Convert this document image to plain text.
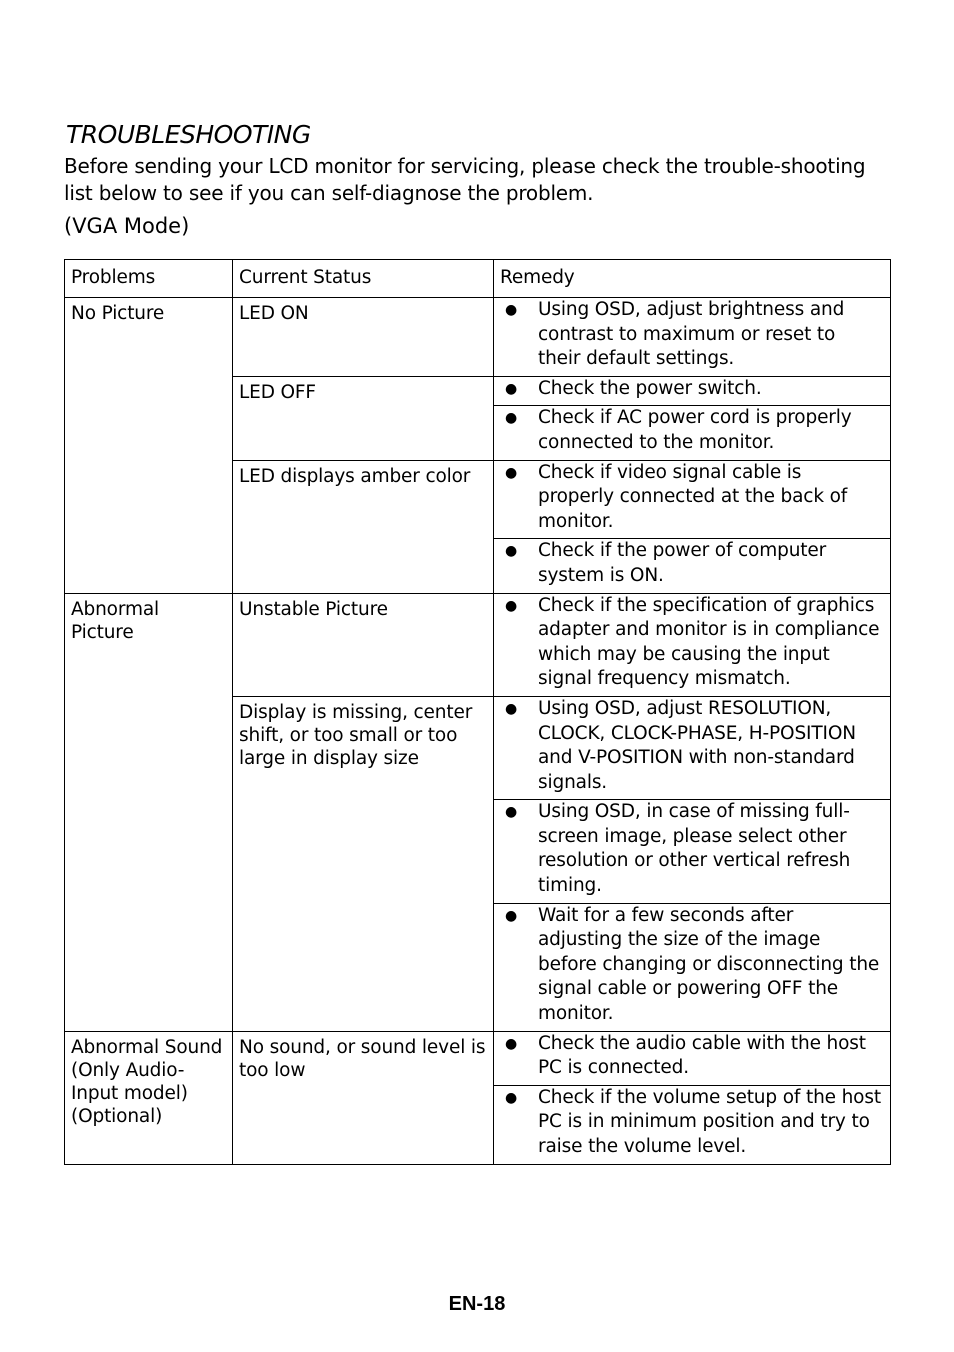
TROUBLESHOOTING
Before sending your LCD monitor for servicing, please check the trouble-shooting list below to see if you can self-diagnose the problem.
(VGA Mode)
Problems	Current Status	Remedy
No Picture	LED ON	● Using OSD, adjust brightness and contrast to maximum or reset to their default settings.

	LED OFF	● Check the power switch.

		● Check if AC power cord is properly connected to the monitor.

	LED displays amber color	● Check if video signal cable is properly connected at the back of monitor.

		● Check if the power of computer system is ON.

Abnormal Picture	Unstable Picture	● Check if the specification of graphics adapter and monitor is in compliance which may be causing the input signal frequency mismatch.

	Display is missing, center shift, or too small or too large in display size	● Using OSD, adjust RESOLUTION, CLOCK, CLOCK-PHASE, H-POSITION and V-POSITION with non-standard signals.

		● Using OSD, in case of missing full-screen image, please select other resolution or other vertical refresh timing.

		● Wait for a few seconds after adjusting the size of the image before changing or disconnecting the signal cable or powering OFF the monitor.

Abnormal Sound (Only Audio-Input model) (Optional)	No sound, or sound level is too low	● Check the audio cable with the host PC is connected.

		● Check if the volume setup of the host PC is in minimum position and try to raise the volume level.
EN-18
